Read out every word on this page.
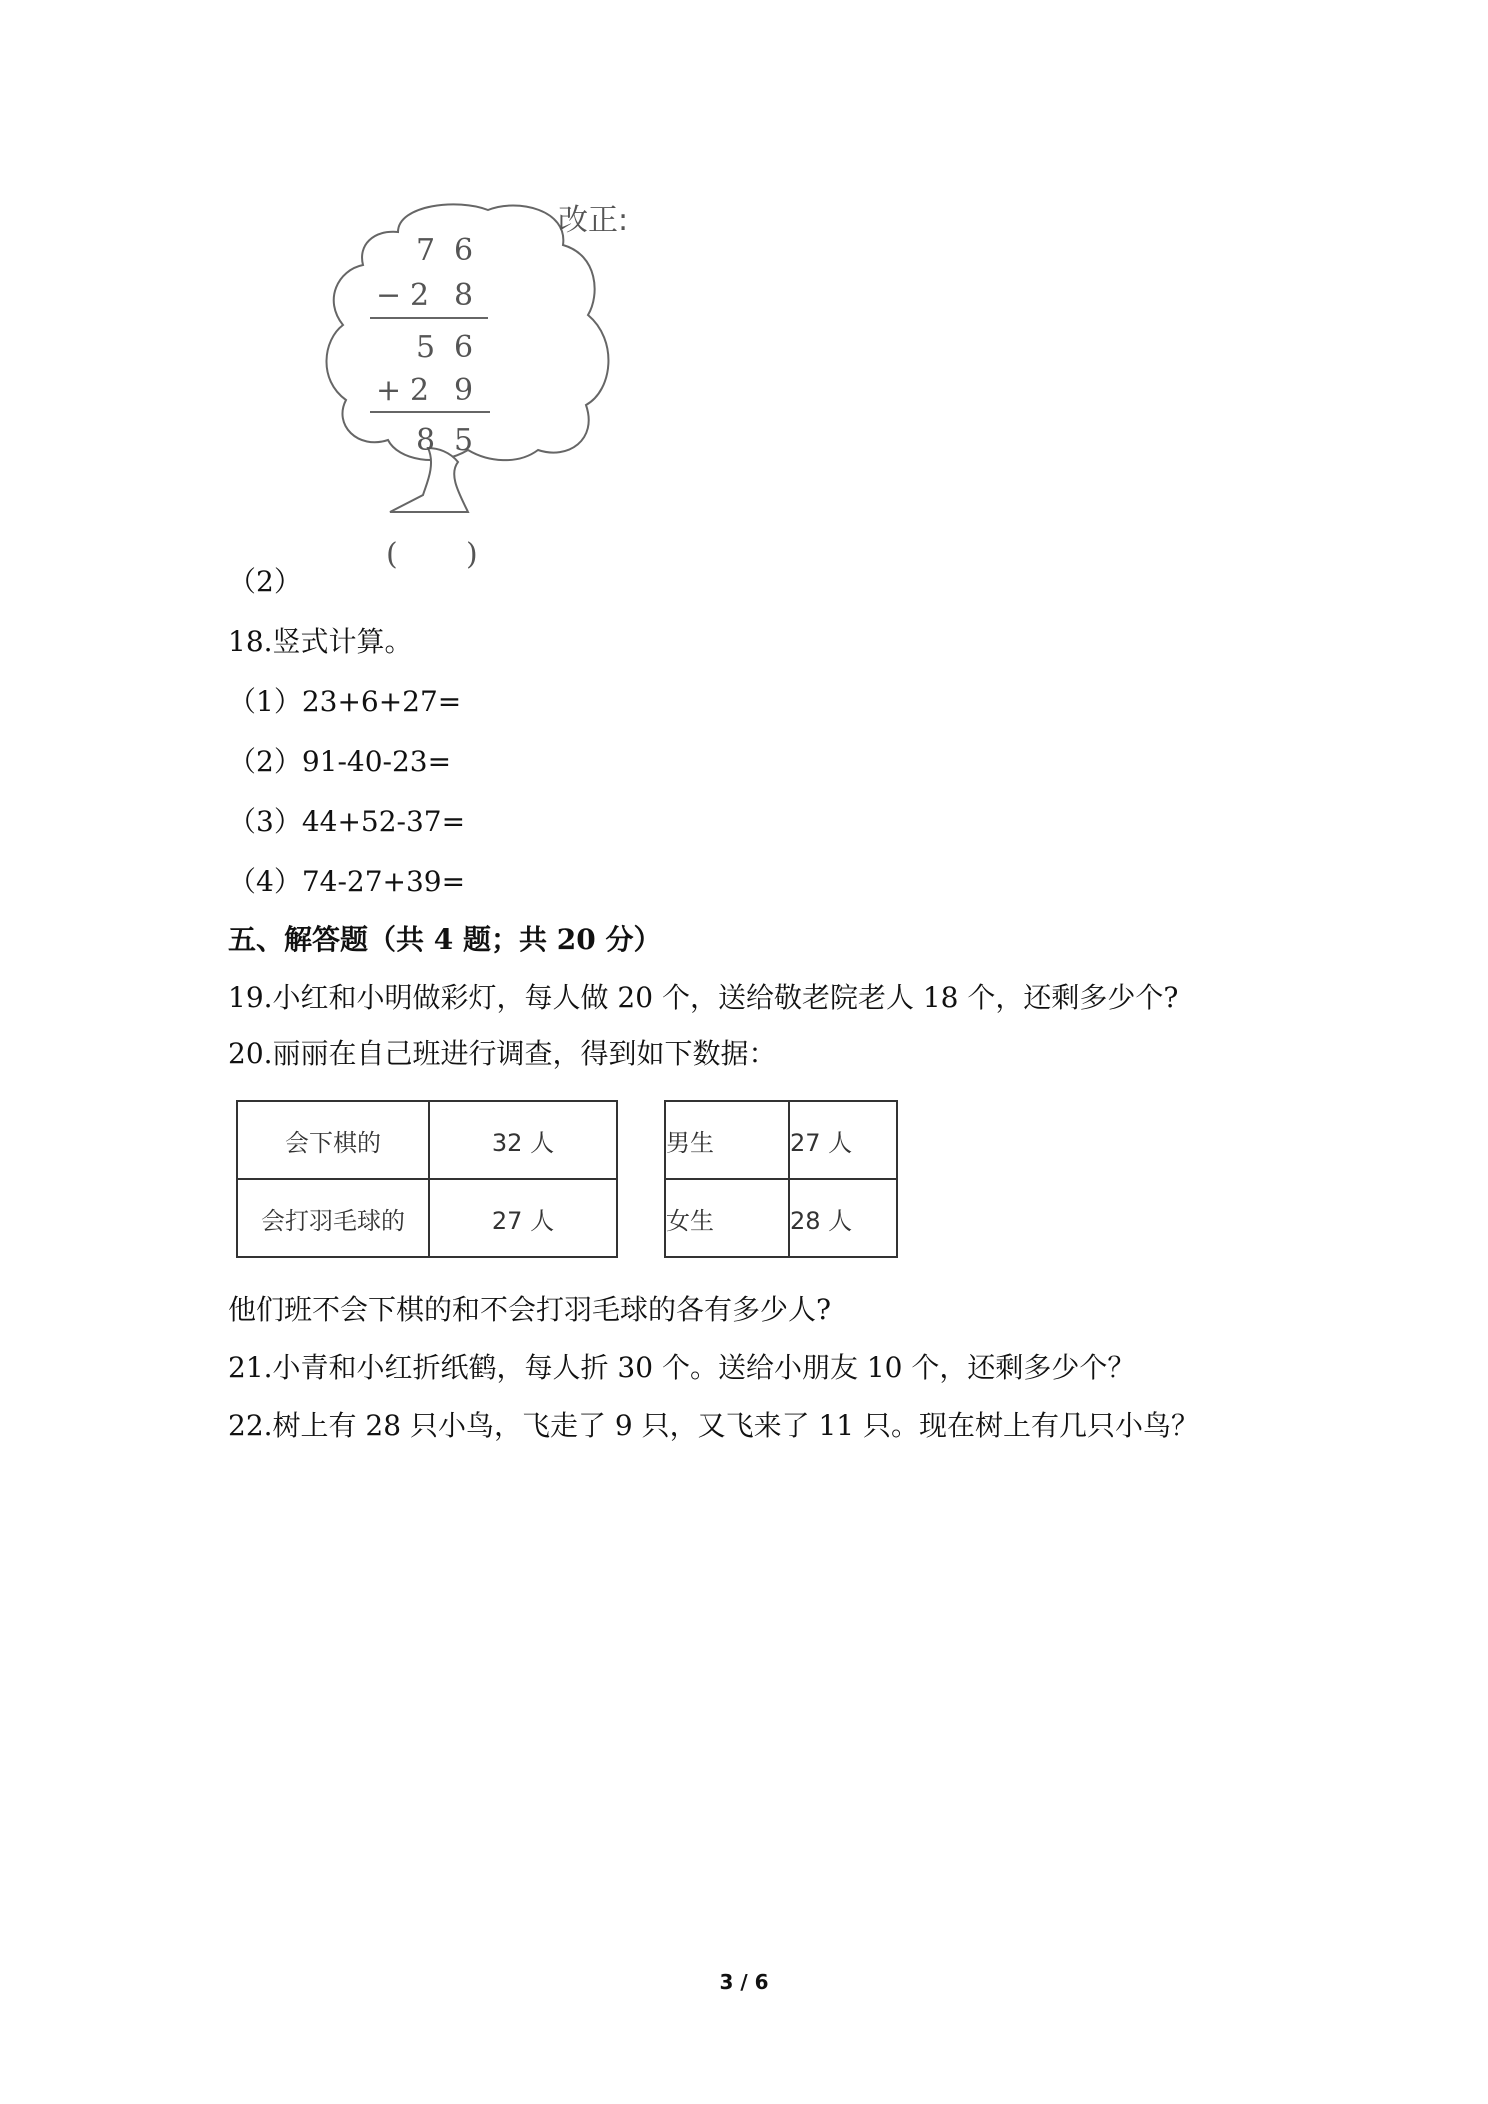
7 6
− 2 8
5 6
+ 2 9
8 5
( )
改正:
（2）
18.竖式计算。
（1）23+6+27=
（2）91-40-23=
（3）44+52-37=
（4）74-27+39=
五、解答题（共 4 题；共 20 分）
19.小红和小明做彩灯，每人做 20 个，送给敬老院老人 18 个，还剩多少个?
20.丽丽在自己班进行调查，得到如下数据：
会下棋的	32 人
会打羽毛球的	27 人
男生	27 人
女生	28 人
他们班不会下棋的和不会打羽毛球的各有多少人?
21.小青和小红折纸鹤，每人折 30 个。送给小朋友 10 个，还剩多少个？
22.树上有 28 只小鸟，飞走了 9 只，又飞来了 11 只。现在树上有几只小鸟？
3 / 6
